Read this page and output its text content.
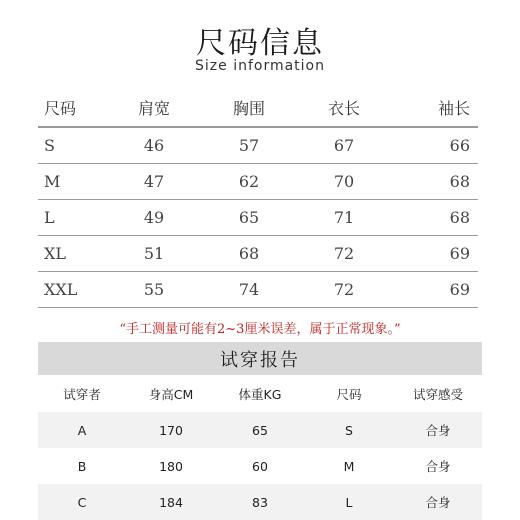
尺码信息
Size information
尺码	肩宽	胸围	衣长	袖长
S	46	57	67	66
M	47	62	70	68
L	49	65	71	68
XL	51	68	72	69
XXL	55	74	72	69
“手工测量可能有2~3厘米误差，属于正常现象。”
试穿报告
试穿者	身高CM	体重KG	尺码	试穿感受
A	170	65	S	合身
B	180	60	M	合身
C	184	83	L	合身
